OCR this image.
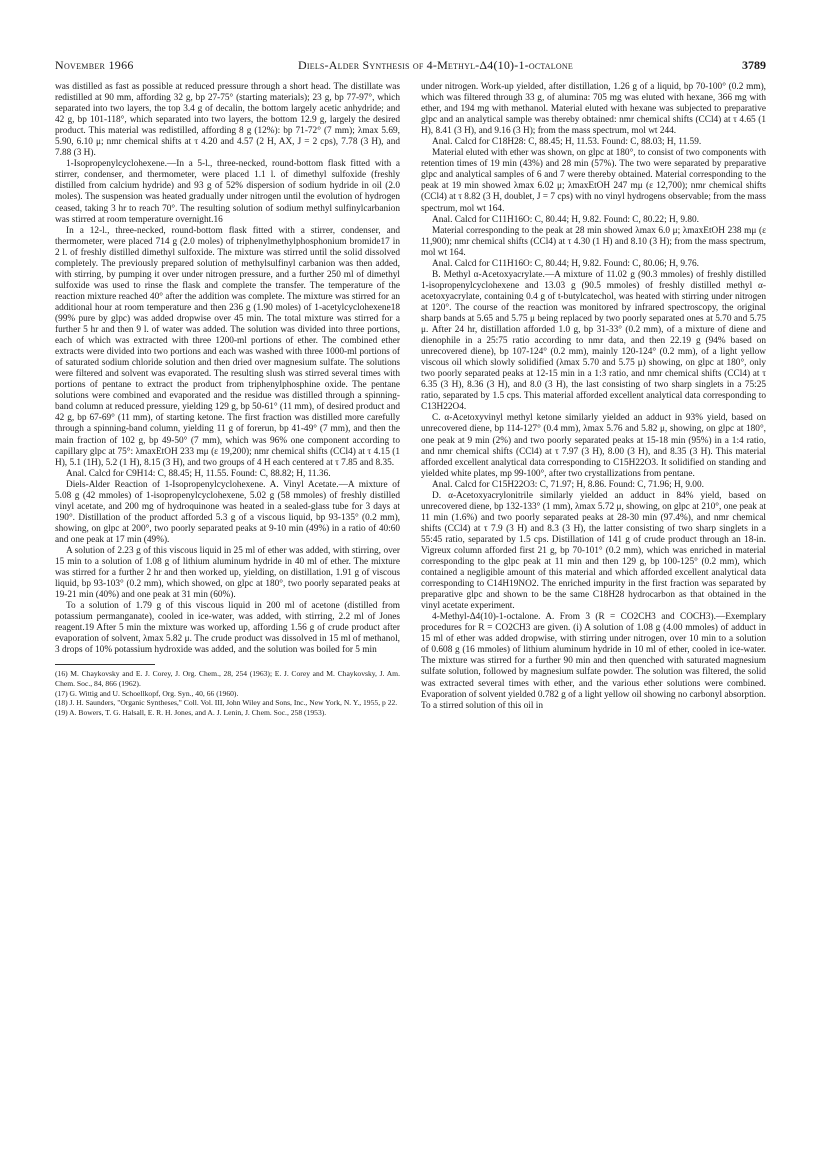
November 1966	Diels-Alder Synthesis of 4-Methyl-Δ4(10)-1-octalone	3789

was distilled as fast as possible at reduced pressure through a short head. The distillate was redistilled at 90 mm, affording 32 g, bp 27-75° (starting materials); 23 g, bp 77-97°, which separated into two layers, the top 3.4 g of decalin, the bottom largely acetic anhydride; and 42 g, bp 101-118°, which separated into two layers, the bottom 12.9 g, largely the desired product. This material was redistilled, affording 8 g (12%): bp 71-72° (7 mm); λmax 5.69, 5.90, 6.10 μ; nmr chemical shifts at τ 4.20 and 4.57 (2 H, AX, J = 2 cps), 7.78 (3 H), and 7.88 (3 H).

1-Isopropenylcyclohexene.—In a 5-l., three-necked, round-bottom flask fitted with a stirrer, condenser, and thermometer, were placed 1.1 l. of dimethyl sulfoxide (freshly distilled from calcium hydride) and 93 g of 52% dispersion of sodium hydride in oil (2.0 moles). The suspension was heated gradually under nitrogen until the evolution of hydrogen ceased, taking 3 hr to reach 70°. The resulting solution of sodium methyl sulfinylcarbanion was stirred at room temperature overnight.16

In a 12-l., three-necked, round-bottom flask fitted with a stirrer, condenser, and thermometer, were placed 714 g (2.0 moles) of triphenylmethylphosphonium bromide17 in 2 l. of freshly distilled dimethyl sulfoxide. The mixture was stirred until the solid dissolved completely. The previously prepared solution of methylsulfinyl carbanion was then added, with stirring, by pumping it over under nitrogen pressure, and a further 250 ml of dimethyl sulfoxide was used to rinse the flask and complete the transfer. The temperature of the reaction mixture reached 40° after the addition was complete. The mixture was stirred for an additional hour at room temperature and then 236 g (1.90 moles) of 1-acetylcyclohexene18 (99% pure by glpc) was added dropwise over 45 min. The total mixture was stirred for a further 5 hr and then 9 l. of water was added. The solution was divided into three portions, each of which was extracted with three 1200-ml portions of ether. The combined ether extracts were divided into two portions and each was washed with three 1000-ml portions of of saturated sodium chloride solution and then dried over magnesium sulfate. The solutions were filtered and solvent was evaporated. The resulting slush was stirred several times with portions of pentane to extract the product from triphenylphosphine oxide. The pentane solutions were combined and evaporated and the residue was distilled through a spinning-band column at reduced pressure, yielding 129 g, bp 50-61° (11 mm), of desired product and 42 g, bp 67-69° (11 mm), of starting ketone. The first fraction was distilled more carefully through a spinning-band column, yielding 11 g of forerun, bp 41-49° (7 mm), and then the main fraction of 102 g, bp 49-50° (7 mm), which was 96% one component according to capillary glpc at 75°: λmaxEtOH 233 mμ (ε 19,200); nmr chemical shifts (CCl4) at τ 4.15 (1 H), 5.1 (1H), 5.2 (1 H), 8.15 (3 H), and two groups of 4 H each centered at τ 7.85 and 8.35.

Anal. Calcd for C9H14: C, 88.45; H, 11.55. Found: C, 88.82; H, 11.36.

Diels-Alder Reaction of 1-Isopropenylcyclohexene. A. Vinyl Acetate.—A mixture of 5.08 g (42 mmoles) of 1-isopropenylcyclohexene, 5.02 g (58 mmoles) of freshly distilled vinyl acetate, and 200 mg of hydroquinone was heated in a sealed-glass tube for 3 days at 190°. Distillation of the product afforded 5.3 g of a viscous liquid, bp 93-135° (0.2 mm), showing, on glpc at 200°, two poorly separated peaks at 9-10 min (49%) in a ratio of 40:60 and one peak at 17 min (49%).

A solution of 2.23 g of this viscous liquid in 25 ml of ether was added, with stirring, over 15 min to a solution of 1.08 g of lithium aluminum hydride in 40 ml of ether. The mixture was stirred for a further 2 hr and then worked up, yielding, on distillation, 1.91 g of viscous liquid, bp 93-103° (0.2 mm), which showed, on glpc at 180°, two poorly separated peaks at 19-21 min (40%) and one peak at 31 min (60%).

To a solution of 1.79 g of this viscous liquid in 200 ml of acetone (distilled from potassium permanganate), cooled in ice-water, was added, with stirring, 2.2 ml of Jones reagent.19 After 5 min the mixture was worked up, affording 1.56 g of crude product after evaporation of solvent, λmax 5.82 μ. The crude product was dissolved in 15 ml of methanol, 3 drops of 10% potassium hydroxide was added, and the solution was boiled for 5 min

(16) M. Chaykovsky and E. J. Corey, J. Org. Chem., 28, 254 (1963); E. J. Corey and M. Chaykovsky, J. Am. Chem. Soc., 84, 866 (1962).

(17) G. Wittig and U. Schoellkopf, Org. Syn., 40, 66 (1960).

(18) J. H. Saunders, "Organic Syntheses," Coll. Vol. III, John Wiley and Sons, Inc., New York, N. Y., 1955, p 22.

(19) A. Bowers, T. G. Halsall, E. R. H. Jones, and A. J. Lenin, J. Chem. Soc., 258 (1953).

under nitrogen. Work-up yielded, after distillation, 1.26 g of a liquid, bp 70-100° (0.2 mm), which was filtered through 33 g, of alumina: 705 mg was eluted with hexane, 366 mg with ether, and 194 mg with methanol. Material eluted with hexane was subjected to preparative glpc and an analytical sample was thereby obtained: nmr chemical shifts (CCl4) at τ 4.65 (1 H), 8.41 (3 H), and 9.16 (3 H); from the mass spectrum, mol wt 244.

Anal. Calcd for C18H28: C, 88.45; H, 11.53. Found: C, 88.03; H, 11.59.

Material eluted with ether was shown, on glpc at 180°, to consist of two components with retention times of 19 min (43%) and 28 min (57%). The two were separated by preparative glpc and analytical samples of 6 and 7 were thereby obtained. Material corresponding to the peak at 19 min showed λmax 6.02 μ; λmaxEtOH 247 mμ (ε 12,700); nmr chemical shifts (CCl4) at τ 8.82 (3 H, doublet, J = 7 cps) with no vinyl hydrogens observable; from the mass spectrum, mol wt 164.

Anal. Calcd for C11H16O: C, 80.44; H, 9.82. Found: C, 80.22; H, 9.80.

Material corresponding to the peak at 28 min showed λmax 6.0 μ; λmaxEtOH 238 mμ (ε 11,900); nmr chemical shifts (CCl4) at τ 4.30 (1 H) and 8.10 (3 H); from the mass spectrum, mol wt 164.

Anal. Calcd for C11H16O: C, 80.44; H, 9.82. Found: C, 80.06; H, 9.76.

B. Methyl α-Acetoxyacrylate.—A mixture of 11.02 g (90.3 mmoles) of freshly distilled 1-isopropenylcyclohexene and 13.03 g (90.5 mmoles) of freshly distilled methyl α-acetoxyacrylate, containing 0.4 g of t-butylcatechol, was heated with stirring under nitrogen at 120°. The course of the reaction was monitored by infrared spectroscopy, the original sharp bands at 5.65 and 5.75 μ being replaced by two poorly separated ones at 5.70 and 5.75 μ. After 24 hr, distillation afforded 1.0 g, bp 31-33° (0.2 mm), of a mixture of diene and dienophile in a 25:75 ratio according to nmr data, and then 22.19 g (94% based on unrecovered diene), bp 107-124° (0.2 mm), mainly 120-124° (0.2 mm), of a light yellow viscous oil which slowly solidified (λmax 5.70 and 5.75 μ) showing, on glpc at 180°, only two poorly separated peaks at 12-15 min in a 1:3 ratio, and nmr chemical shifts (CCl4) at τ 6.35 (3 H), 8.36 (3 H), and 8.0 (3 H), the last consisting of two sharp singlets in a 75:25 ratio, separated by 1.5 cps. This material afforded excellent analytical data corresponding to C13H22O4.

C. α-Acetoxyvinyl methyl ketone similarly yielded an adduct in 93% yield, based on unrecovered diene, bp 114-127° (0.4 mm), λmax 5.76 and 5.82 μ, showing, on glpc at 180°, one peak at 9 min (2%) and two poorly separated peaks at 15-18 min (95%) in a 1:4 ratio, and nmr chemical shifts (CCl4) at τ 7.97 (3 H), 8.00 (3 H), and 8.35 (3 H). This material afforded excellent analytical data corresponding to C15H22O3. It solidified on standing and yielded white plates, mp 99-100°, after two crystallizations from pentane.

Anal. Calcd for C15H22O3: C, 71.97; H, 8.86. Found: C, 71.96; H, 9.00.

D. α-Acetoxyacrylonitrile similarly yielded an adduct in 84% yield, based on unrecovered diene, bp 132-133° (1 mm), λmax 5.72 μ, showing, on glpc at 210°, one peak at 11 min (1.6%) and two poorly separated peaks at 28-30 min (97.4%), and nmr chemical shifts (CCl4) at τ 7.9 (3 H) and 8.3 (3 H), the latter consisting of two sharp singlets in a 55:45 ratio, separated by 1.5 cps. Distillation of 141 g of crude product through an 18-in. Vigreux column afforded first 21 g, bp 70-101° (0.2 mm), which was enriched in material corresponding to the glpc peak at 11 min and then 129 g, bp 100-125° (0.2 mm), which contained a negligible amount of this material and which afforded excellent analytical data corresponding to C14H19NO2. The enriched impurity in the first fraction was separated by preparative glpc and shown to be the same C18H28 hydrocarbon as that obtained in the vinyl acetate experiment.

4-Methyl-Δ4(10)-1-octalone. A. From 3 (R = CO2CH3 and COCH3).—Exemplary procedures for R = CO2CH3 are given. (i) A solution of 1.08 g (4.00 mmoles) of adduct in 15 ml of ether was added dropwise, with stirring under nitrogen, over 10 min to a solution of 0.608 g (16 mmoles) of lithium aluminum hydride in 10 ml of ether, cooled in ice-water. The mixture was stirred for a further 90 min and then quenched with saturated magnesium sulfate solution, followed by magnesium sulfate powder. The solution was filtered, the solid was extracted several times with ether, and the various ether solutions were combined. Evaporation of solvent yielded 0.782 g of a light yellow oil showing no carbonyl absorption. To a stirred solution of this oil in
